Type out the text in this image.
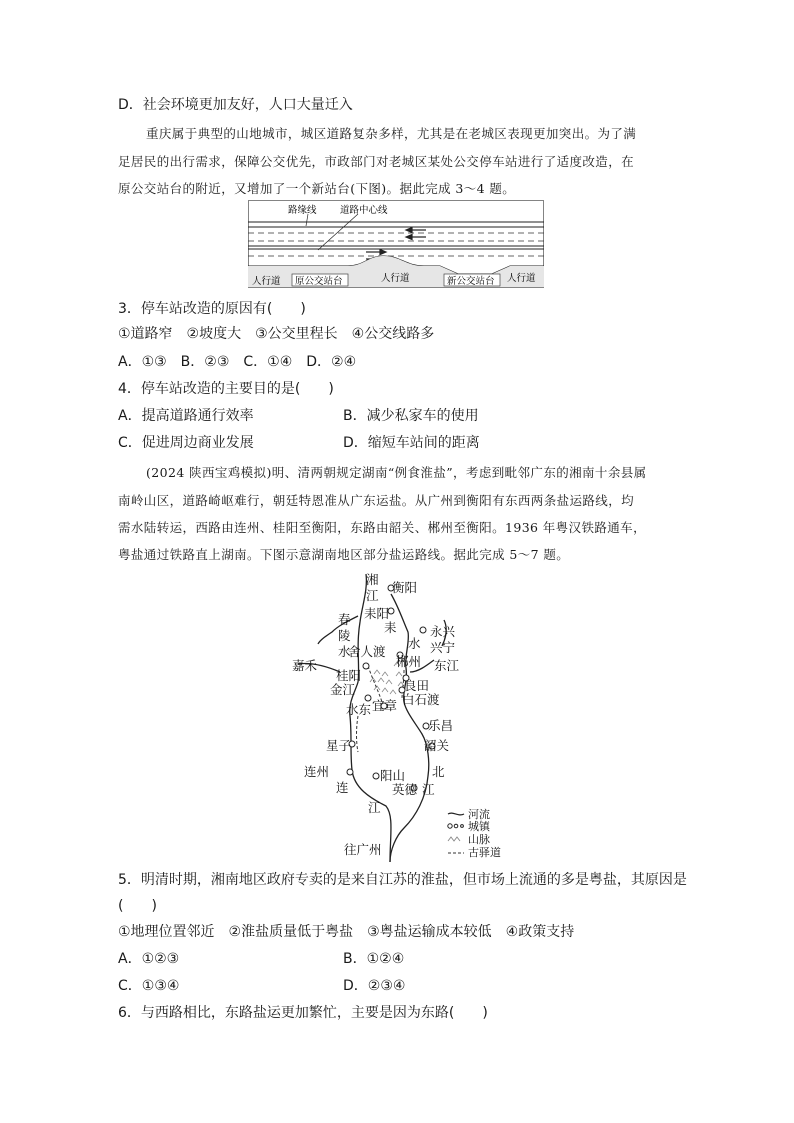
D．社会环境更加友好，人口大量迁入
重庆属于典型的山地城市，城区道路复杂多样，尤其是在老城区表现更加突出。为了满
足居民的出行需求，保障公交优先，市政部门对老城区某处公交停车站进行了适度改造，在
原公交站台的附近，又增加了一个新站台(下图)。据此完成 3～4 题。
路缘线 道路中心线
人行道 原公交站台	人行道	新公交站台 人行道
3．停车站改造的原因有(　　)
①道路窄　②坡度大　③公交里程长　④公交线路多
A．①③　B．②③　C．①④　D．②④
4．停车站改造的主要目的是(　　)
A．提高道路通行效率	B．减少私家车的使用
C．促进周边商业发展	D．缩短车站间的距离
(2024 陕西宝鸡模拟)明、清两朝规定湖南“例食淮盐”，考虑到毗邻广东的湘南十余县属
南岭山区，道路崎岖难行，朝廷特恩准从广东运盐。从广州到衡阳有东西两条盐运路线，均
需水陆转运，西路由连州、桂阳至衡阳，东路由韶关、郴州至衡阳。1936 年粤汉铁路通车，
粤盐通过铁路直上湖南。下图示意湖南地区部分盐运路线。据此完成 5～7 题。
湘
江
衡阳
春
陵
水
耒阳
耒
水
永兴
兴宁
舍人渡
郴州 东江
嘉禾
桂阳
良田
金江
白石渡
水东 宜章
乐昌
星子	韶关
连州
连
阳山
江
北
英德 江
往广州
河流
城镇
山脉
古驿道
5．明清时期，湘南地区政府专卖的是来自江苏的淮盐，但市场上流通的多是粤盐，其原因是
(　　)
①地理位置邻近　②淮盐质量低于粤盐　③粤盐运输成本较低　④政策支持
A．①②③	B．①②④
C．①③④	D．②③④
6．与西路相比，东路盐运更加繁忙，主要是因为东路(　　)
